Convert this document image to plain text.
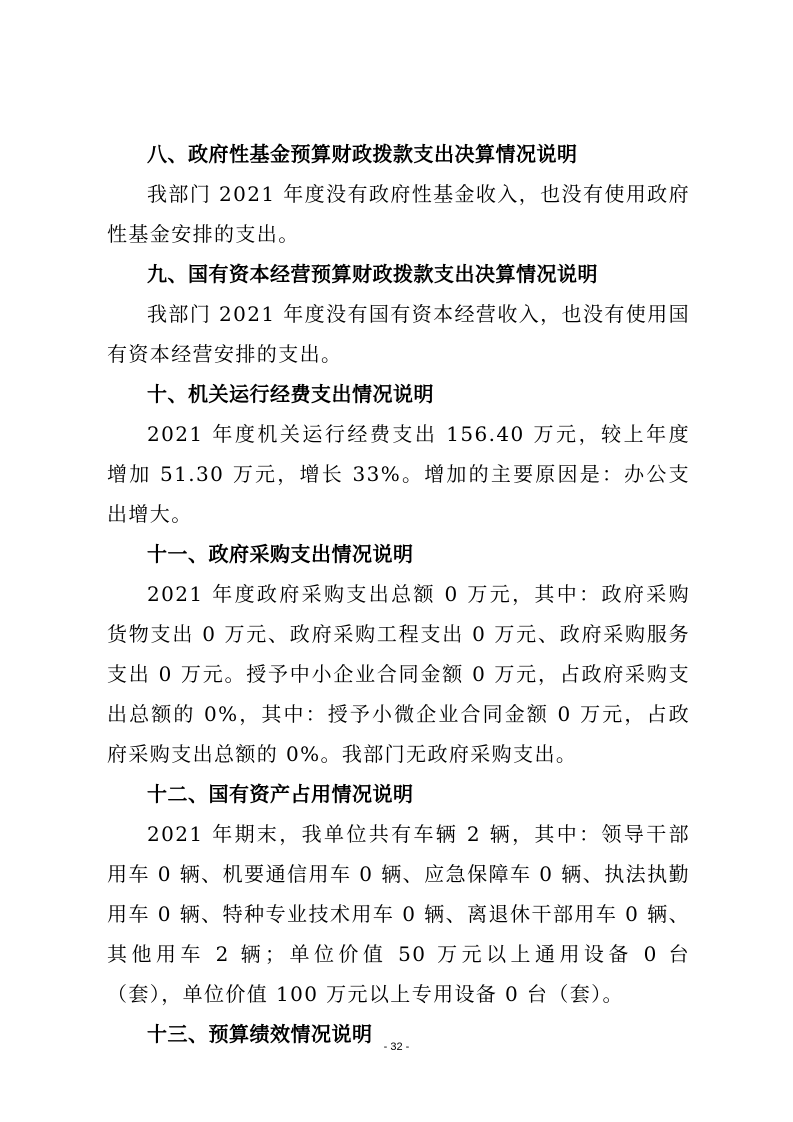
八、政府性基金预算财政拨款支出决算情况说明

我部门 2021 年度没有政府性基金收入，也没有使用政府性基金安排的支出。

九、国有资本经营预算财政拨款支出决算情况说明

我部门 2021 年度没有国有资本经营收入，也没有使用国有资本经营安排的支出。

十、机关运行经费支出情况说明

2021 年度机关运行经费支出 156.40 万元，较上年度增加 51.30 万元，增长 33%。增加的主要原因是：办公支出增大。

十一、政府采购支出情况说明

2021 年度政府采购支出总额 0 万元，其中：政府采购货物支出 0 万元、政府采购工程支出 0 万元、政府采购服务支出 0 万元。授予中小企业合同金额 0 万元，占政府采购支出总额的 0%，其中：授予小微企业合同金额 0 万元，占政府采购支出总额的 0%。我部门无政府采购支出。

十二、国有资产占用情况说明

2021 年期末，我单位共有车辆 2 辆，其中：领导干部用车 0 辆、机要通信用车 0 辆、应急保障车 0 辆、执法执勤用车 0 辆、特种专业技术用车 0 辆、离退休干部用车 0 辆、其他用车 2 辆；单位价值 50 万元以上通用设备 0 台（套），单位价值 100 万元以上专用设备 0 台（套）。

十三、预算绩效情况说明
- 32 -
